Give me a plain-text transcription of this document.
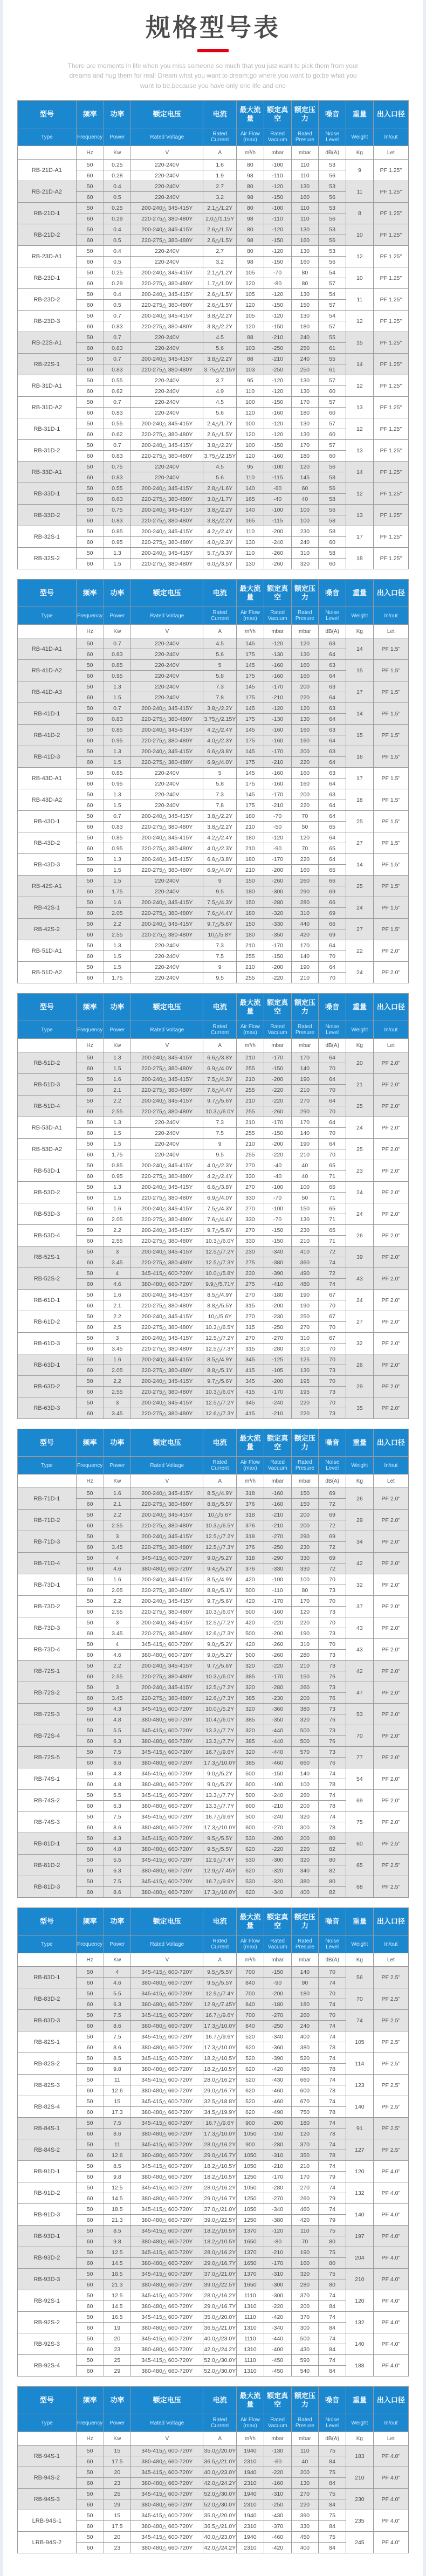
规格型号表
There are moments in life when you miss someone so much that you just want to pick them from your
dreams and hug them for real! Dream what you want to dream;go where you want to go;be what you
want to be,because you have only one life and one
型号	频率	功率	额定电压	电流	最大流量	额定真空	额定压力	噪音	重量	出入口径
Type	Frequency	Power	Rated Voltage	Rated Current	Air Flow (max)	Rated Vacuum	Rated Presure	Noise Level	Weight	In/out
	Hz	Kw	V	A	m³/h	mbar	mbar	dB(A)	Kg	Let
RB-21D-A1	50	0.25	220-240V	1.6	80	-100	110	53	9	PF 1.25"
	60	0.28	220-240V	1.9	98	-110	110	56		
RB-21D-A2	50	0.4	220-240V	2.7	80	-120	130	53	11	PF 1.25"
	60	0.5	220-240V	3.2	98	-150	160	56		
RB-21D-1	50	0.25	200-240△ 345-415Y	2.1△/1.2Y	80	-100	110	53	8	PF 1.25"
	60	0.29	220-275△ 380-480Y	2.0△/1.15Y	98	-110	110	56		
RB-21D-2	50	0.4	200-240△ 345-415Y	2.6△/1.5Y	80	-120	130	53	10	PF 1.25"
	60	0.5	220-275△ 380-480Y	2.6△/1.5Y	98	-150	160	56		
RB-23D-A1	50	0.4	220-240V	2.7	80	-120	130	53	12	PF 1.25"
	60	0.5	220-240V	3.2	98	-150	160	56		
RB-23D-1	50	0.25	200-240△ 345-415Y	2.1△/1.2Y	105	-70	80	54	10	PF 1.25"
	60	0.29	220-275△ 380-480Y	1.7△/1.0Y	120	-80	80	57		
RB-23D-2	50	0.4	200-240△ 345-415Y	2.6△/1.5Y	105	-120	130	54	11	PF 1.25"
	60	0.5	220-275△ 380-480Y	2.6△/1.5Y	120	-150	150	57		
RB-23D-3	50	0.7	200-240△ 345-415Y	3.8△/2.2Y	105	-120	130	54	12	PF 1.25"
	60	0.83	220-275△ 380-480Y	3.8△/2.2Y	120	-150	180	57		
RB-22S-A1	50	0.7	220-240V	4.5	88	-210	240	55	15	PF 1.25"
	60	0.83	220-240V	5.6	103	-250	250	61		
RB-22S-1	50	0.7	200-240△ 345-415Y	3.8△/2.2Y	88	-210	240	55	14	PF 1.25"
	60	0.83	220-275△ 380-480Y	3.75△/2.15Y	103	-250	250	61		
RB-31D-A1	50	0.55	220-240V	3.7	95	-120	130	57	12	PF 1.25"
	60	0.62	220-240V	4.9	110	-120	130	60		
RB-31D-A2	50	0.7	220-240V	4.5	100	-150	170	57	13	PF 1.25"
	60	0.83	220-240V	5.6	120	-160	180	60		
RB-31D-1	50	0.55	200-240△ 345-415Y	2.4△/1.7Y	100	-120	130	57	12	PF 1.25"
	60	0.62	220-275△ 380-480Y	2.6△/1.5Y	120	-120	130	60		
RB-31D-2	50	0.7	200-240△ 345-415Y	3.8△/2.2Y	100	-150	170	57	13	PF 1.25"
	60	0.83	220-275△ 380-480Y	3.75△/2.15Y	120	-160	180	60		
RB-33D-A1	50	0.75	220-240V	4.5	95	-100	120	56	14	PF 1.25"
	60	0.83	220-240V	5.6	110	-115	145	58		
RB-33D-1	50	0.55	200-240△ 345-415Y	2.8△/1.6Y	140	-60	60	56	12	PF 1.25"
	60	0.63	220-275△ 380-480Y	3.0△/1.7Y	165	-40	40	58		
RB-33D-2	50	0.75	200-240△ 345-415Y	3.8△/2.2Y	140	-100	100	56	13	PF 1.25"
	60	0.83	220-275△ 380-480Y	3.8△/2.2Y	165	-115	100	58		
RB-32S-1	50	0.85	200-240△ 345-415Y	4.2△/2.4Y	110	-200	230	58	17	PF 1.25"
	60	0.95	220-275△ 380-480Y	4.0△/2.3Y	130	-240	240	60		
RB-32S-2	50	1.3	200-240△ 345-415Y	5.7△/3.3Y	110	-260	310	58	18	PF 1.25"
	60	1.5	220-275△ 380-480Y	6.0△/3.5Y	130	-260	320	60		
型号	频率	功率	额定电压	电流	最大流量	额定真空	额定压力	噪音	重量	出入口径
Type	Frequency	Power	Rated Voltage	Rated Current	Air Flow (max)	Rated Vacuum	Rated Presure	Noise Level	Weight	In/out
	Hz	Kw	V	A	m³/h	mbar	mbar	dB(A)	Kg	Let
RB-41D-A1	50	0.7	220-240V	4.5	145	-120	120	63	14	PF 1.5"
	60	0.83	220-240V	5.6	175	-130	130	64		
RB-41D-A2	50	0.85	220-240V	5	145	-160	160	63	15	PF 1.5"
	60	0.95	220-240V	5.8	175	-160	160	64		
RB-41D-A3	50	1.3	220-240V	7.3	145	-170	200	63	17	PF 1.5"
	60	1.5	220-240V	7.8	175	-210	220	64		
RB-41D-1	50	0.7	200-240△ 345-415Y	3.8△/2.2Y	145	-120	120	63	14	PF 1.5"
	60	0.83	220-275△ 380-480Y	3.75△/2.15Y	175	-130	130	64		
RB-41D-2	50	0.85	200-240△ 345-415Y	4.2△/2.4Y	145	-160	160	63	15	PF 1.5"
	60	0.95	220-275△ 380-480Y	4.0△/2.3Y	175	-160	160	64		
RB-41D-3	50	1.3	200-240△ 345-415Y	6.6△/3.8Y	145	-170	200	63	16	PF 1.5"
	60	1.5	220-275△ 380-480Y	6.9△/4.0Y	175	-210	220	64		
RB-43D-A1	50	0.85	220-240V	5	145	-160	160	63	17	PF 1.5"
	60	0.95	220-240V	5.8	175	-160	160	64		
RB-43D-A2	50	1.3	220-240V	7.3	145	-170	200	63	18	PF 1.5"
	60	1.5	220-240V	7.8	175	-210	220	64		
RB-43D-1	50	0.7	200-240△ 345-415Y	3.8△/2.2Y	180	-70	70	64	25	PF 1.5"
	60	0.83	220-275△ 380-480Y	3.8△/2.2Y	210	-50	50	65		
RB-43D-2	50	0.85	200-240△ 345-415Y	4.2△/2.4Y	180	-120	120	64	27	PF 1.5"
	60	0.95	220-275△ 380-480Y	4.0△/2.3Y	210	-90	70	65		
RB-43D-3	50	1.3	200-240△ 345-415Y	6.6△/3.8Y	180	-170	220	64	14	PF 1.5"
	60	1.5	220-275△ 380-480Y	6.9△/4.0Y	210	-200	160	65		
RB-42S-A1	50	1.5	220-240V	9	150	-260	260	66	25	PF 1.5"
	60	1.75	220-240V	9.5	180	-300	290	69		
RB-42S-1	50	1.6	200-240△ 345-415Y	7.5△/4.3Y	150	-280	280	66	24	PF 1.5"
	60	2.05	220-275△ 380-480Y	7.6△/4.4Y	180	-320	310	69		
RB-42S-2	50	2.2	200-240△ 345-415Y	9.7△/5.6Y	150	-330	440	66	27	PF 1.5"
	60	2.55	220-275△ 380-480Y	10△/5.8Y	180	-350	420	69		
RB-51D-A1	50	1.3	220-240V	7.3	210	-170	170	64	22	PF 2.0"
	60	1.5	220-240V	7.5	255	-150	140	70		
RB-51D-A2	50	1.5	220-240V	9	210	-200	190	64	24	PF 2.0"
	60	1.75	220-240V	9.5	255	-220	210	70		
型号	频率	功率	额定电压	电流	最大流量	额定真空	额定压力	噪音	重量	出入口径
Type	Frequency	Power	Rated Voltage	Rated Current	Air Flow (max)	Rated Vacuum	Rated Presure	Noise Level	Weight	In/out
	Hz	Kw	V	A	m³/h	mbar	mbar	dB(A)	Kg	Let
RB-51D-2	50	1.3	200-240△ 345-415Y	6.6△/3.8Y	210	-170	170	64	20	PF 2.0"
	60	1.5	220-275△ 380-480Y	6.9△/4.0Y	255	-150	140	70		
RB-51D-3	50	1.6	200-240△ 345-415Y	7.5△/4.3Y	210	-200	190	64	21	PF 2.0"
	60	2.1	220-275△ 380-480Y	7.6△/4.4Y	255	-220	210	70		
RB-51D-4	50	2.2	200-240△ 345-415Y	9.7△/5.6Y	210	-220	270	64	25	PF 2.0"
	60	2.55	220-275△ 380-480Y	10.3△/6.0Y	255	-260	290	70		
RB-53D-A1	50	1.3	220-240V	7.3	210	-170	170	64	24	PF 2.0"
	60	1.5	220-240V	7.5	255	-150	140	70		
RB-53D-A2	50	1.5	220-240V	9	210	-200	190	64	25	PF 2.0"
	60	1.75	220-240V	9.5	255	-220	210	70		
RB-53D-1	50	0.85	200-240△ 345-415Y	4.0△/2.3Y	270	-40	40	65	23	PF 2.0"
	60	0.95	220-275△ 380-480Y	4.2△/2.4Y	330	-40	40	71		
RB-53D-2	50	1.3	200-240△ 345-415Y	6.6△/3.8Y	270	-100	100	65	24	PF 2.0"
	60	1.5	220-275△ 380-480Y	6.9△/4.0Y	330	-70	50	71		
RB-53D-3	50	1.6	200-240△ 345-415Y	7.5△/4.3Y	270	-100	150	65	24	PF 2.0"
	60	2.05	220-275△ 380-480Y	7.6△/4.4Y	330	-70	130	71		
RB-53D-4	50	2.2	200-240△ 345-415Y	9.7△/5.6Y	270	-150	230	65	26	PF 2.0"
	60	2.55	220-275△ 380-480Y	10.3△/6.0Y	330	-150	210	71		
RB-52S-1	50	3	200-240△ 345-415Y	12.5△/7.2Y	230	-340	410	72	39	PF 2.0"
	60	3.45	220-275△ 380-480Y	12.5△/7.3Y	275	-380	360	74		
RB-52S-2	50	4	345-415△ 600-720Y	10.0△/5.8Y	230	-390	490	72	43	PF 2.0"
	60	4.6	380-480△ 660-720Y	9.9△/5.71Y	275	-410	480	74		
RB-61D-1	50	1.6	200-240△ 345-415Y	8.5△/4.9Y	270	-180	190	67	24	PF 2.0"
	60	2.1	220-275△ 380-480Y	8.8△/5.5Y	315	-200	190	70		
RB-61D-2	50	2.2	200-240△ 345-415Y	10△/5.6Y	270	-230	250	67	27	PF 2.0"
	60	2.5	220-275△ 380-480Y	10.3△/6.5Y	315	-250	270	70		
RB-61D-3	50	3	200-240△ 345-415Y	12.5△/7.2Y	270	-270	310	67	32	PF 2.0"
	60	3.45	220-275△ 380-480Y	12.5△/7.3Y	315	-280	310	70		
RB-63D-1	50	1.6	200-240△ 345-415Y	8.5△/4.9Y	345	-125	125	70	26	PF 2.0"
	60	2.05	220-275△ 380-480Y	8.8△/5.1Y	415	-105	130	73		
RB-63D-2	50	2.2	200-240△ 345-415Y	9.7△/5.6Y	345	-200	195	70	29	PF 2.0"
	60	2.55	220-275△ 380-480Y	10.3△/6.0Y	415	-170	195	73		
RB-63D-3	50	3	200-240△ 345-415Y	12.5△/7.2Y	345	-240	220	70	35	PF 2.0"
	60	3.45	220-275△ 380-480Y	12.6△/7.3Y	415	-210	220	73		
型号	频率	功率	额定电压	电流	最大流量	额定真空	额定压力	噪音	重量	出入口径
Type	Frequency	Power	Rated Voltage	Rated Current	Air Flow (max)	Rated Vacuum	Rated Presure	Noise Level	Weight	In/out
	Hz	Kw	V	A	m³/h	mbar	mbar	dB(A)	Kg	Let
RB-71D-1	50	1.6	200-240△ 345-415Y	8.5△/4.9Y	318	-160	150	69	26	PF 2.0"
	60	2.1	220-275△ 380-480Y	8.8△/5.5Y	376	-160	150	72		
RB-71D-2	50	2.2	200-240△ 345-415Y	10△/5.6Y	318	-210	200	69	29	PF 2.0"
	60	2.55	220-275△ 380-480Y	10.3△/6.5Y	376	-210	200	72		
RB-71D-3	50	3	200-240△ 345-415Y	12.5△/7.2Y	318	-270	290	69	34	PF 2.0"
	60	3.45	220-275△ 380-480Y	12.5△/7.3Y	376	-250	230	72		
RB-71D-4	50	4	345-415△ 600-720Y	9.0△/5.2Y	318	-290	330	69	42	PF 2.0"
	60	4.6	380-480△ 660-720Y	9.4△/5.2Y	376	-330	330	72		
RB-73D-1	50	1.6	200-240△ 345-415Y	8.5△/4.9Y	420	-100	100	70	32	PF 2.0"
	60	2.05	220-275△ 380-480Y	8.8△/5.1Y	500	-110	80	73		
RB-73D-2	50	2.2	200-240△ 345-415Y	9.7△/5.6Y	420	-170	170	70	37	PF 2.0"
	60	2.55	220-275△ 380-480Y	10.3△/6.0Y	500	-160	120	73		
RB-73D-3	50	3	200-240△ 345-415Y	12.5△/7.2Y	420	-220	220	70	43	PF 2.0"
	60	3.45	220-275△ 380-480Y	12.6△/7.3Y	500	-200	190	73		
RB-73D-4	50	4	345-415△ 600-720Y	9.0△/5.2Y	420	-260	310	70	43	PF 2.0"
	60	4.6	380-480△ 660-720Y	9.0△/5.2Y	500	-260	280	73		
RB-72S-1	50	2.2	200-240△ 345-415Y	9.7△/5.6Y	320	-220	210	73	42	PF 2.0"
	60	2.55	220-275△ 380-480Y	10.3△/6.0Y	385	-170	150	76		
RB-72S-2	50	3	200-240△ 345-415Y	12.5△/7.2Y	320	-280	260	73	47	PF 2.0"
	60	3.45	220-275△ 380-480Y	12.6△/7.3Y	385	-230	200	76		
RB-72S-3	50	4.3	345-415△ 600-720Y	10.0△/5.2Y	320	-360	380	73	53	PF 2.0"
	60	4.8	380-480△ 660-720Y	10.4△/6.0Y	385	-350	320	76		
RB-72S-4	50	5.5	345-415△ 600-720Y	13.3△/7.7Y	320	-440	500	73	70	PF 2.0"
	60	6.3	380-480△ 660-720Y	13.3△/7.7Y	385	-440	500	76		
RB-72S-5	50	7.5	345-415△ 600-720Y	16.7△/9.6Y	320	-440	570	73	77	PF 2.0"
	60	8.6	380-480△ 660-720Y	17.3△/10.0Y	385	-460	660	76		
RB-74S-1	50	4.3	345-415△ 600-720Y	9.0△/5.2Y	500	-150	140	74	54	PF 2.0"
	60	4.8	380-480△ 660-720Y	9.0△/5.2Y	600	-100	100	78		
RB-74S-2	50	5.5	345-415△ 600-720Y	13.3△/7.7Y	500	-240	260	74	69	PF 2.0"
	60	6.3	380-480△ 660-720Y	13.3△/7.7Y	600	-210	200	78		
RB-74S-3	50	7.5	345-415△ 600-720Y	16.7△/9.6Y	500	-240	320	74	75	PF 2.0"
	60	8.6	380-480△ 660-720Y	17.3△/10.0Y	600	-270	300	78		
RB-81D-1	50	4.3	345-415△ 600-720Y	9.5△/5.5Y	530	-200	200	80	60	PF 2.5"
	60	4.8	380-480△ 660-720Y	9.5△/5.5Y	620	-220	220	82		
RB-81D-2	50	5.5	345-415△ 600-720Y	12.9△/7.4Y	530	-300	320	80	65	PF 2.5"
	60	6.3	380-480△ 660-720Y	12.9△/7.45Y	620	-320	340	82		
RB-81D-3	50	7.5	345-415△ 600-720Y	16.7△/9.6Y	530	-320	380	80	68	PF 2.5"
	60	8.6	380-480△ 660-720Y	17.3△/10.0Y	620	-340	400	82		
型号	频率	功率	额定电压	电流	最大流量	额定真空	额定压力	噪音	重量	出入口径
Type	Frequency	Power	Rated Voltage	Rated Current	Air Flow (max)	Rated Vacuum	Rated Presure	Noise Level	Weight	In/out
	Hz	Kw	V	A	m³/h	mbar	mbar	dB(A)	Kg	Let
RB-83D-1	50	4	345-415△ 600-720Y	9.5△/5.5Y	700	-150	140	70	56	PF 2.5"
	60	4.6	380-480△ 660-720Y	9.5△/5.5Y	840	-90	90	74		
RB-83D-2	50	5.5	345-415△ 600-720Y	12.9△/7.4Y	700	-200	180	70	70	PF 2.5"
	60	6.3	380-480△ 660-720Y	12.9△/7.45Y	840	-180	180	74		
RB-83D-3	50	7.5	345-415△ 600-720Y	16.7△/9.6Y	700	-270	260	70	74	PF 2.5"
	60	8.6	380-480△ 660-720Y	17.3△/10.0Y	840	-250	240	74		
RB-82S-1	50	7.5	345-415△ 600-720Y	16.7△/9.6Y	520	-340	400	74	105	PF 2.5"
	60	8.6	380-480△ 660-720Y	17.3△/10.0Y	620	-360	380	78		
RB-82S-2	50	8.5	345-415△ 600-720Y	18.2△/10.5Y	520	-390	520	74	114	PF 2.5"
	60	9.8	380-480△ 660-720Y	18.2△/10.5Y	620	-420	480	78		
RB-82S-3	50	11	345-415△ 600-720Y	28.0△/16.2Y	520	-430	660	74	123	PF 2.5"
	60	12.6	380-480△ 660-720Y	29.0△/16.7Y	620	-460	600	78		
RB-82S-4	50	15	345-415△ 600-720Y	32.5△/18.8Y	520	-460	670	74	140	PF 2.5"
	60	17.3	380-480△ 660-720Y	34.5△/19.9Y	620	-490	750	78		
RB-84S-1	50	7.5	345-415△ 600-720Y	16.7△/9.6Y	900	-200	180	74	91	PF 2.5"
	60	8.6	380-480△ 660-720Y	17.3△/10.0Y	1050	-150	120	78		
RB-84S-2	50	11	345-415△ 600-720Y	28.0△/16.2Y	900	-280	370	74	127	PF 2.5"
	60	12.6	380-480△ 660-720Y	29.0△/16.7Y	1050	-310	350	78		
RB-91D-1	50	8.5	345-415△ 600-720Y	18.2△/10.5Y	1050	-210	210	74	120	PF 4.0"
	60	9.8	380-480△ 660-720Y	18.2△/10.5Y	1250	-170	170	79		
RB-91D-2	50	12.5	345-415△ 600-720Y	28.0△/16.2Y	1050	-280	270	74	132	PF 4.0"
	60	14.5	380-480△ 660-720Y	29.0△/16.7Y	1250	-270	260	79		
RB-91D-3	50	18.5	345-415△ 600-720Y	37.0△/21.0Y	1050	-340	460	74	140	PF 4.0"
	60	21.3	380-480△ 660-720Y	39.0△/22.5Y	1250	-380	420	79		
RB-93D-1	50	8.5	345-415△ 600-720Y	18.2△/10.5Y	1370	-120	110	75	197	PF 4.0"
	60	9.8	380-480△ 660-720Y	18.2△/10.5Y	1650	-80	70	80		
RB-93D-2	50	12.5	345-415△ 600-720Y	28.0△/16.2Y	1370	-210	190	75	204	PF 4.0"
	60	14.5	380-480△ 660-720Y	29.0△/16.7Y	1650	-170	160	80		
RB-93D-3	50	18.5	345-415△ 600-720Y	37.0△/21.0Y	1370	-310	320	75	210	PF 4.0"
	60	21.3	380-480△ 660-720Y	39.0△/22.5Y	1650	-300	280	80		
RB-92S-1	50	12.5	345-415△ 600-720Y	28.0△/16.2Y	1110	-300	370	74	120	PF 4.0"
	60	14.5	380-480△ 660-720Y	29.0△/16.7Y	1310	-220	200	84		
RB-92S-2	50	16.5	345-415△ 600-720Y	35.0△/20.0Y	1110	-420	370	74	132	PF 4.0"
	60	19	380-480△ 660-720Y	36.5△/21.0Y	1310	-340	300	84		
RB-92S-3	50	20	345-415△ 600-720Y	40.0△/23.0Y	1110	-440	500	74	140	PF 4.0"
	60	23	380-480△ 660-720Y	42.0△/24.2Y	1310	-400	430	84		
RB-92S-4	50	25	345-415△ 600-720Y	52.0△/30.0Y	1110	-450	590	74	188	PF 4.0"
	60	29	380-480△ 660-720Y	52.0△/30.0Y	1310	-450	540	84		
型号	频率	功率	额定电压	电流	最大流量	额定真空	额定压力	噪音	重量	出入口径
Type	Frequency	Power	Rated Voltage	Rated Current	Air Flow (max)	Rated Vacuum	Rated Presure	Noise Level	Weight	In/out
	Hz	Kw	V	A	m³/h	mbar	mbar	dB(A)	Kg	Let
RB-94S-1	50	15	345-415△ 600-720Y	35.0△/20.0Y	1940	-130	110	75	183	PF 4.0"
	60	17.5	380-480△ 660-720Y	36.5△/21.0Y	2310	-60	40	84		
RB-94S-2	50	20	345-415△ 600-720Y	40.0△/23.0Y	1940	-220	200	75	210	PF 4.0"
	60	23	380-480△ 660-720Y	42.0△/24.2Y	2310	-160	130	84		
RB-94S-3	50	25	345-415△ 600-720Y	52.0△/30.0Y	1940	-310	270	75	230	PF 4.0"
	60	29	380-480△ 660-720Y	52.0△/30.0Y	2310	-250	220	84		
LRB-94S-1	50	15	345-415△ 600-720Y	35.0△/20.0Y	1940	-430	390	75	235	PF 4.0"
	60	17.5	380-480△ 660-720Y	36.5△/21.0Y	2310	-370	330	84		
LRB-94S-2	50	20	345-415△ 600-720Y	40.0△/23.0Y	1940	-460	450	75	245	PF 4.0"
	60	23	380-480△ 660-720Y	42.0△/24.2Y	2310	-420	400	84		
